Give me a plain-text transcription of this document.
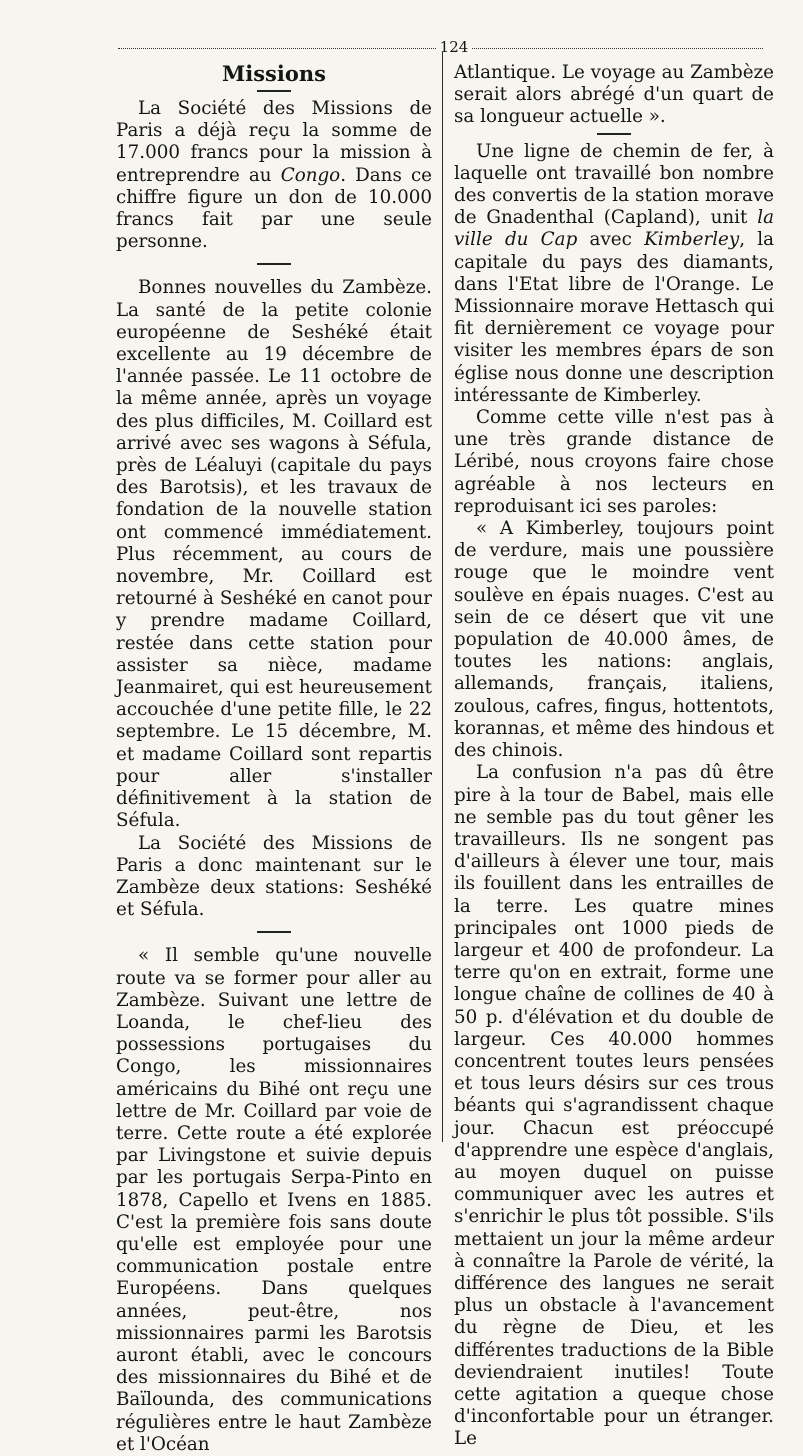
124
Missions

La Société des Missions de Paris a déjà reçu la somme de 17.000 francs pour la mission à entreprendre au Congo. Dans ce chiffre figure un don de 10.000 francs fait par une seule personne.

Bonnes nouvelles du Zambèze. La santé de la petite colonie européenne de Seshéké était excellente au 19 décembre de l'année passée. Le 11 octobre de la même année, après un voyage des plus difficiles, M. Coillard est arrivé avec ses wagons à Séfula, près de Léaluyi (capitale du pays des Barotsis), et les travaux de fondation de la nouvelle station ont commencé immédiatement. Plus récemment, au cours de novembre, Mr. Coillard est retourné à Seshéké en canot pour y prendre madame Coillard, restée dans cette station pour assister sa nièce, madame Jeanmairet, qui est heureusement accouchée d'une petite fille, le 22 septembre. Le 15 décembre, M. et madame Coillard sont repartis pour aller s'installer définitivement à la station de Séfula.

La Société des Missions de Paris a donc maintenant sur le Zambèze deux stations: Seshéké et Séfula.

« Il semble qu'une nouvelle route va se former pour aller au Zambèze. Suivant une lettre de Loanda, le chef-lieu des possessions portugaises du Congo, les missionnaires américains du Bihé ont reçu une lettre de Mr. Coillard par voie de terre. Cette route a été explorée par Livingstone et suivie depuis par les portugais Serpa-Pinto en 1878, Capello et Ivens en 1885. C'est la première fois sans doute qu'elle est employée pour une communication postale entre Européens. Dans quelques années, peut-être, nos missionnaires parmi les Barotsis auront établi, avec le concours des missionnaires du Bihé et de Baïlounda, des communications régulières entre le haut Zambèze et l'Océan

Atlantique. Le voyage au Zambèze serait alors abrégé d'un quart de sa longueur actuelle ».

Une ligne de chemin de fer, à laquelle ont travaillé bon nombre des convertis de la station morave de Gnadenthal (Capland), unit la ville du Cap avec Kimberley, la capitale du pays des diamants, dans l'Etat libre de l'Orange. Le Missionnaire morave Hettasch qui fit dernièrement ce voyage pour visiter les membres épars de son église nous donne une description intéressante de Kimberley.

Comme cette ville n'est pas à une très grande distance de Léribé, nous croyons faire chose agréable à nos lecteurs en reproduisant ici ses paroles:

« A Kimberley, toujours point de verdure, mais une poussière rouge que le moindre vent soulève en épais nuages. C'est au sein de ce désert que vit une population de 40.000 âmes, de toutes les nations: anglais, allemands, français, italiens, zoulous, cafres, fingus, hottentots, korannas, et même des hindous et des chinois.

La confusion n'a pas dû être pire à la tour de Babel, mais elle ne semble pas du tout gêner les travailleurs. Ils ne songent pas d'ailleurs à élever une tour, mais ils fouillent dans les entrailles de la terre. Les quatre mines principales ont 1000 pieds de largeur et 400 de profondeur. La terre qu'on en extrait, forme une longue chaîne de collines de 40 à 50 p. d'élévation et du double de largeur. Ces 40.000 hommes concentrent toutes leurs pensées et tous leurs désirs sur ces trous béants qui s'agrandissent chaque jour. Chacun est préoccupé d'apprendre une espèce d'anglais, au moyen duquel on puisse communiquer avec les autres et s'enrichir le plus tôt possible. S'ils mettaient un jour la même ardeur à connaître la Parole de vérité, la différence des langues ne serait plus un obstacle à l'avancement du règne de Dieu, et les différentes traductions de la Bible deviendraient inutiles! Toute cette agitation a queque chose d'inconfortable pour un étranger. Le
